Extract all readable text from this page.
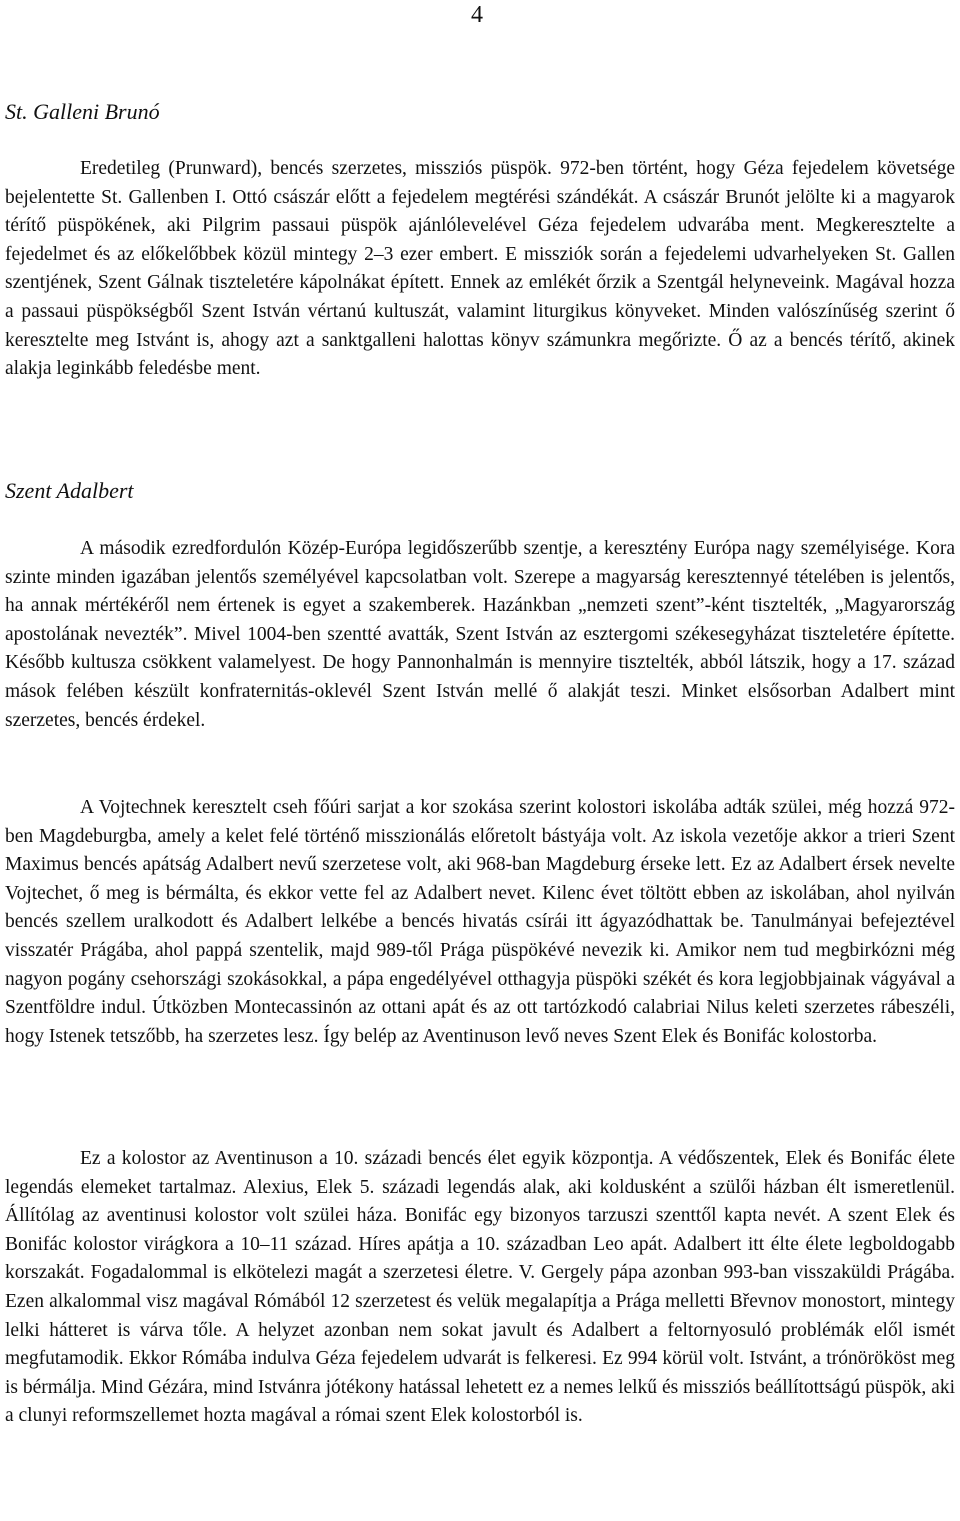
4
St. Galleni Brunó

Eredetileg (Prunward), bencés szerzetes, missziós püspök. 972-ben történt, hogy Géza fejedelem követsége bejelentette St. Gallenben I. Ottó császár előtt a fejedelem megtérési szándékát. A császár Brunót jelölte ki a magyarok térítő püspökének, aki Pilgrim passaui püspök ajánlólevelével Géza fejedelem udvarába ment. Megkeresztelte a fejedelmet és az előkelőbbek közül mintegy 2–3 ezer embert. E missziók során a fejedelemi udvarhelyeken St. Gallen szentjének, Szent Gálnak tiszteletére kápolnákat épített. Ennek az emlékét őrzik a Szentgál helyneveink. Magával hozza a passaui püspökségből Szent István vértanú kultuszát, valamint liturgikus könyveket. Minden valószínűség szerint ő keresztelte meg Istvánt is, ahogy azt a sanktgalleni halottas könyv számunkra megőrizte. Ő az a bencés térítő, akinek alakja leginkább feledésbe ment.

Szent Adalbert

A második ezredfordulón Közép-Európa legidőszerűbb szentje, a keresztény Európa nagy személyisége. Kora szinte minden igazában jelentős személyével kapcsolatban volt. Szerepe a magyarság keresztennyé tételében is jelentős, ha annak mértékéről nem értenek is egyet a szakemberek. Hazánkban „nemzeti szent”-ként tisztelték, „Magyarország apostolának nevezték”. Mivel 1004-ben szentté avatták, Szent István az esztergomi székesegyházat tiszteletére építette. Később kultusza csökkent valamelyest. De hogy Pannonhalmán is mennyire tisztelték, abból látszik, hogy a 17. század mások felében készült konfraternitás-oklevél Szent István mellé ő alakját teszi. Minket elsősorban Adalbert mint szerzetes, bencés érdekel.

A Vojtechnek keresztelt cseh főúri sarjat a kor szokása szerint kolostori iskolába adták szülei, még hozzá 972-ben Magdeburgba, amely a kelet felé történő misszionálás előretolt bástyája volt. Az iskola vezetője akkor a trieri Szent Maximus bencés apátság Adalbert nevű szerzetese volt, aki 968-ban Magdeburg érseke lett. Ez az Adalbert érsek nevelte Vojtechet, ő meg is bérmálta, és ekkor vette fel az Adalbert nevet. Kilenc évet töltött ebben az iskolában, ahol nyilván bencés szellem uralkodott és Adalbert lelkébe a bencés hivatás csírái itt ágyazódhattak be. Tanulmányai befejeztével visszatér Prágába, ahol pappá szentelik, majd 989-től Prága püspökévé nevezik ki. Amikor nem tud megbirkózni még nagyon pogány csehországi szokásokkal, a pápa engedélyével otthagyja püspöki székét és kora legjobbjainak vágyával a Szentföldre indul. Útközben Montecassinón az ottani apát és az ott tartózkodó calabriai Nilus keleti szerzetes rábeszéli, hogy Istenek tetszőbb, ha szerzetes lesz. Így belép az Aventinuson levő neves Szent Elek és Bonifác kolostorba.

Ez a kolostor az Aventinuson a 10. századi bencés élet egyik központja. A védőszentek, Elek és Bonifác élete legendás elemeket tartalmaz. Alexius, Elek 5. századi legendás alak, aki koldusként a szülői házban élt ismeretlenül. Állítólag az aventinusi kolostor volt szülei háza. Bonifác egy bizonyos tarzuszi szenttől kapta nevét. A szent Elek és Bonifác kolostor virágkora a 10–11 század. Híres apátja a 10. században Leo apát. Adalbert itt élte élete legboldogabb korszakát. Fogadalommal is elkötelezi magát a szerzetesi életre. V. Gergely pápa azonban 993-ban visszaküldi Prágába. Ezen alkalommal visz magával Rómából 12 szerzetest és velük megalapítja a Prága melletti Břevnov monostort, mintegy lelki hátteret is várva tőle. A helyzet azonban nem sokat javult és Adalbert a feltornyosuló problémák elől ismét megfutamodik. Ekkor Rómába indulva Géza fejedelem udvarát is felkeresi. Ez 994 körül volt. Istvánt, a trónörököst meg is bérmálja. Mind Gézára, mind Istvánra jótékony hatással lehetett ez a nemes lelkű és missziós beállítottságú püspök, aki a clunyi reformszellemet hozta magával a római szent Elek kolostorból is.
